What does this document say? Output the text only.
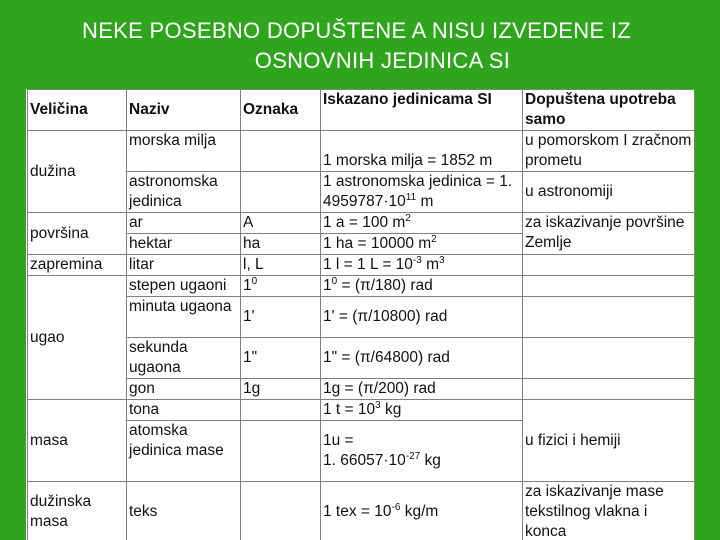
NEKE POSEBNO DOPUŠTENE A NISU IZVEDENE IZ
OSNOVNIH JEDINICA SI
Veličina	Naziv	Oznaka	Iskazano jedinicama SI	Dopuštena upotreba samo
dužina	morska milja		1 morska milja = 1852 m	u pomorskom I zračnom prometu
	astronomska jedinica		1 astronomska jedinica = 1. $4959787\cdot 10^{11}$ m	u astronomiji
površina	ar	A	1 a = 100 $m^2$	za iskazivanje površine Zemlje
	hektar	ha	1 ha = 10000 $m^2$
zapremina	litar	l, L	1 l = 1 $L = 10^{-3}$ $m^3$	
ugao	stepen ugaoni	$1^0$	$1^0 = (\pi/180)$ rad	
	minuta ugaona	1'	1' = (π/10800) rad	
	sekunda ugaona	1"	1" = (π/64800) rad	
	gon	1g	1g = (π/200) rad	
masa	tona		1 $t = 10^3$ kg	u fizici i hemiji
	atomska jedinica mase		1u =
1. $66057\cdot 10^{-27}$ kg	
dužinska masa	teks		1 tex = $10^{-6}$ kg/m	za iskazivanje mase tekstilnog vlakna i konca
